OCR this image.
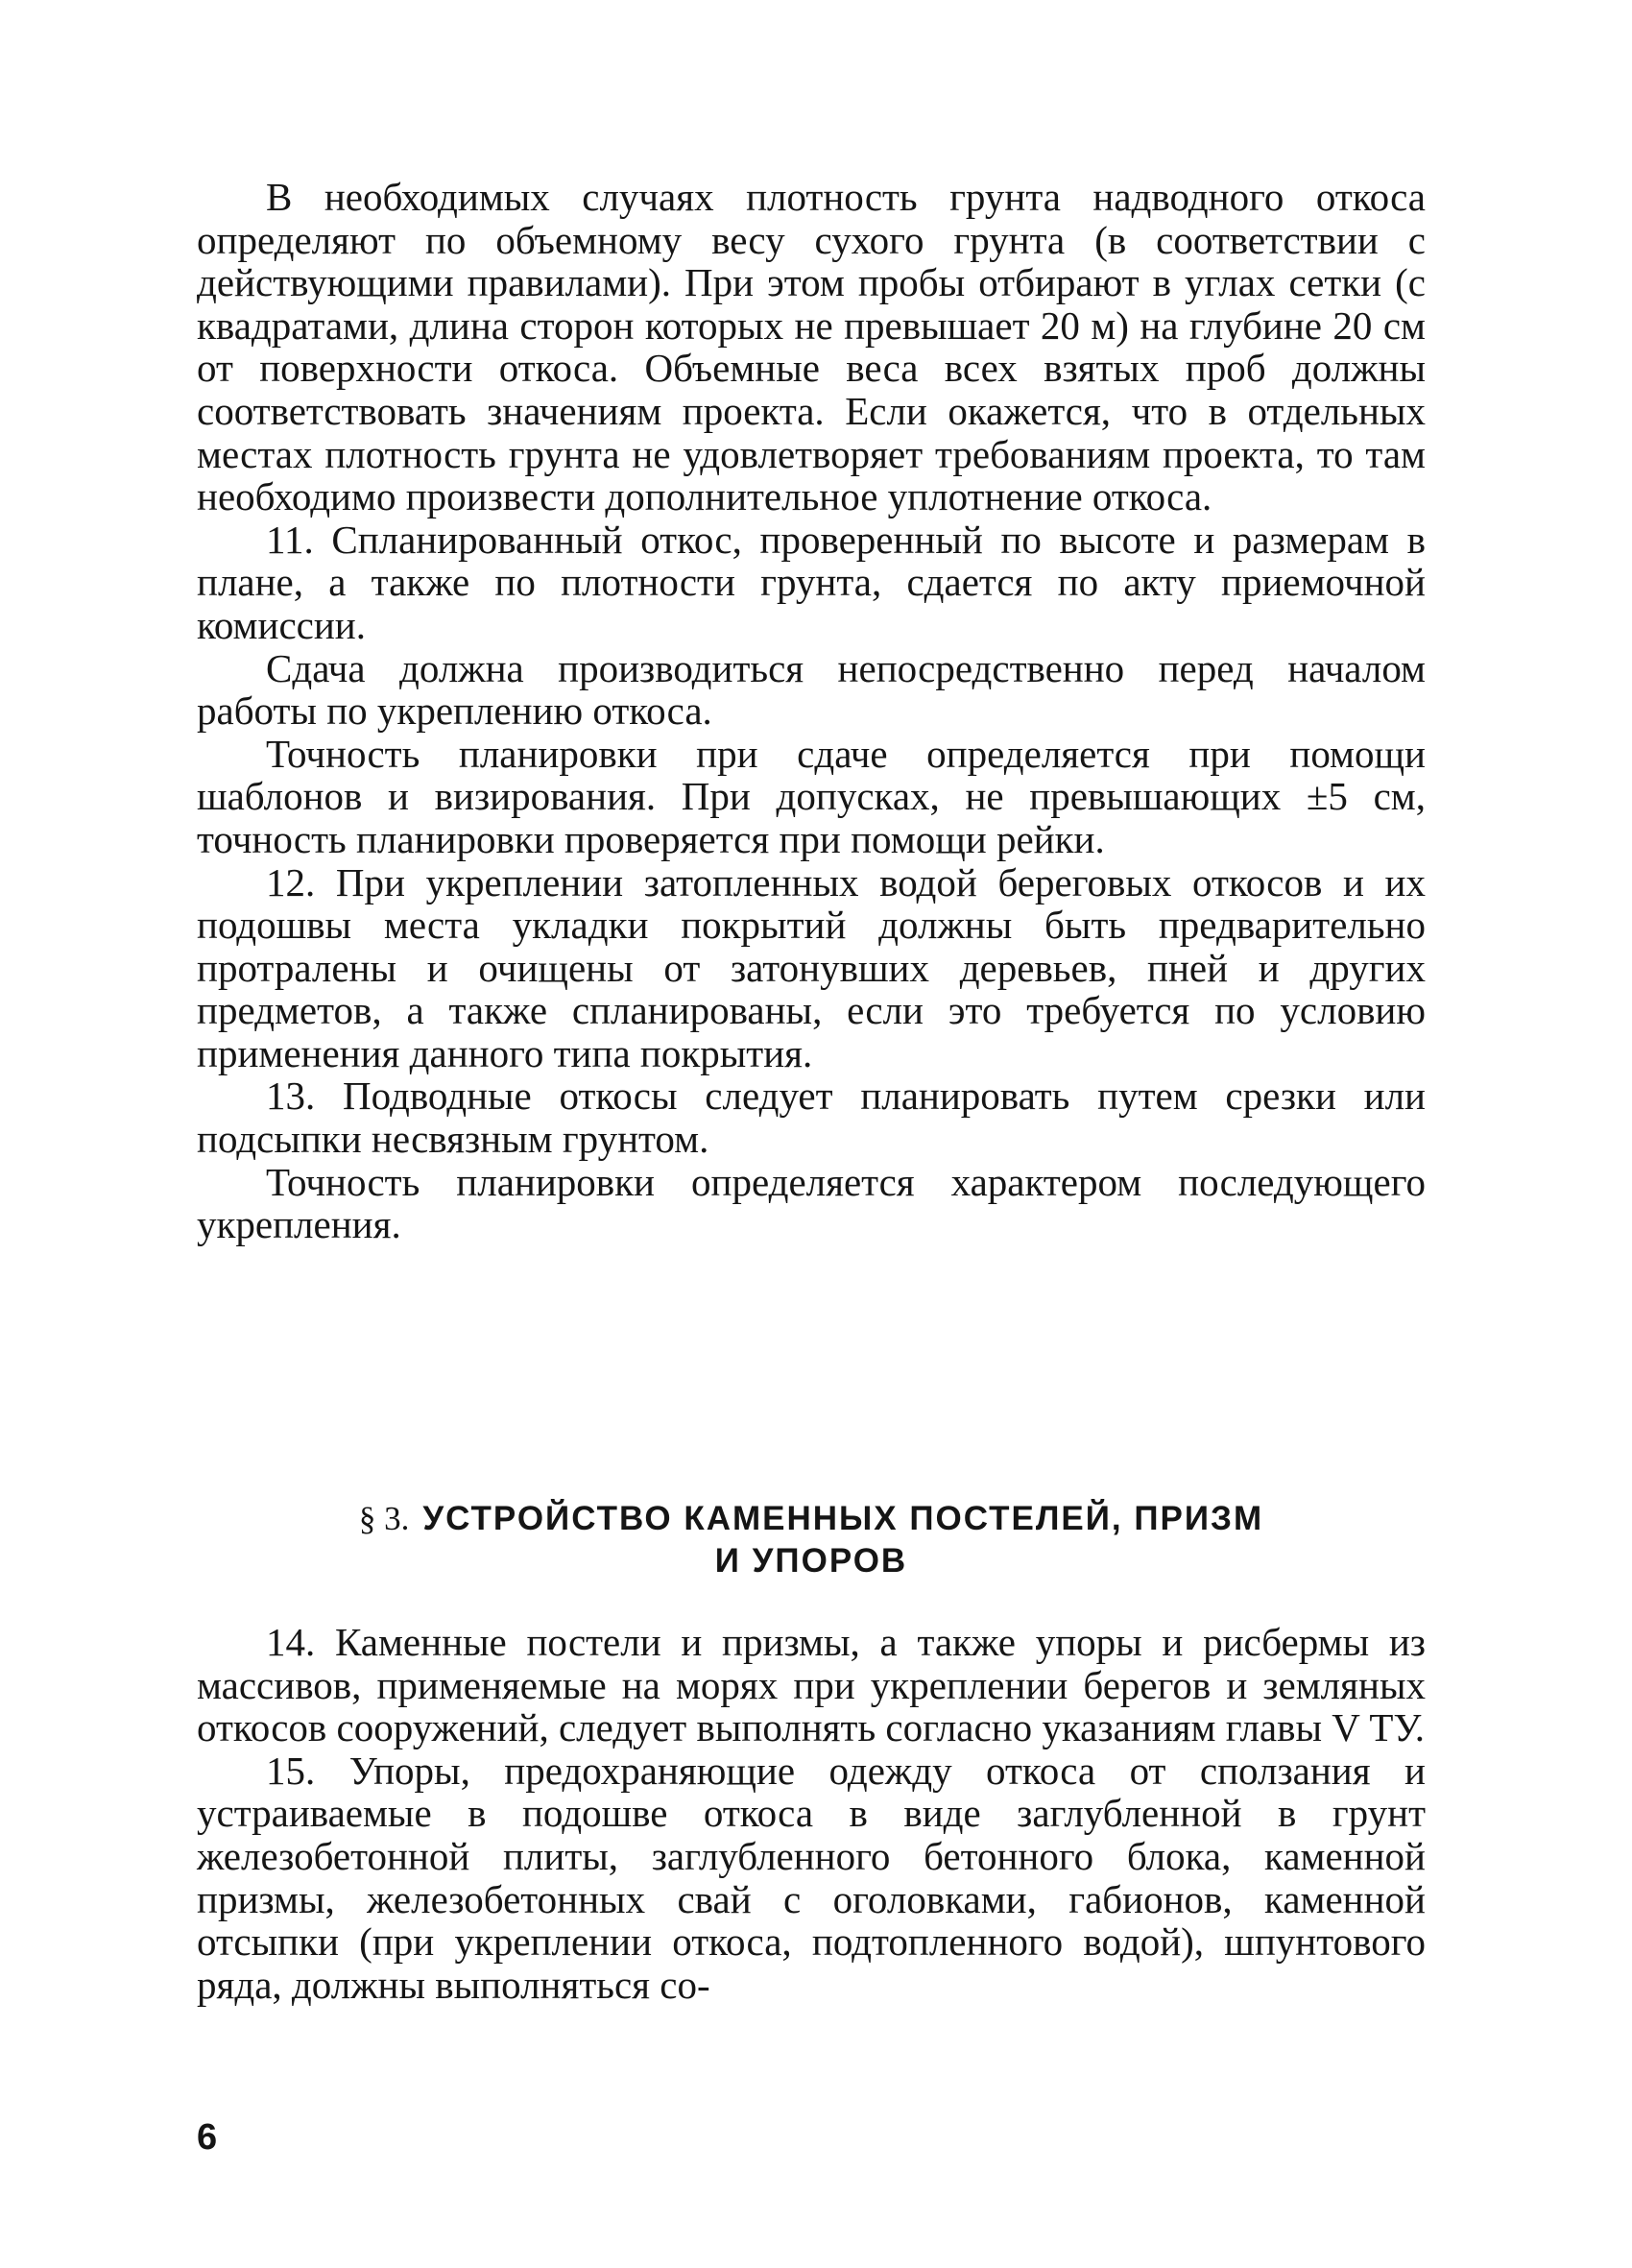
В необходимых случаях плотность грунта надводного откоса определяют по объемному весу сухого грунта (в соответствии с действующими правилами). При этом пробы отбирают в углах сетки (с квадратами, длина сторон которых не превышает 20 м) на глубине 20 см от поверхности откоса. Объемные веса всех взятых проб должны соответствовать значениям проекта. Если окажется, что в отдельных местах плотность грунта не удовлетворяет требованиям проекта, то там необходимо произвести дополнительное уплотнение откоса.

11. Спланированный откос, проверенный по высоте и размерам в плане, а также по плотности грунта, сдается по акту приемочной комиссии.

Сдача должна производиться непосредственно перед началом работы по укреплению откоса.

Точность планировки при сдаче определяется при помощи шаблонов и визирования. При допусках, не превышающих ±5 см, точность планировки проверяется при помощи рейки.

12. При укреплении затопленных водой береговых откосов и их подошвы места укладки покрытий должны быть предварительно протралены и очищены от затонувших деревьев, пней и других предметов, а также спланированы, если это требуется по условию применения данного типа покрытия.

13. Подводные откосы следует планировать путем срезки или подсыпки несвязным грунтом.

Точность планировки определяется характером последующего укрепления.

§ 3. УСТРОЙСТВО КАМЕННЫХ ПОСТЕЛЕЙ, ПРИЗМ
И УПОРОВ

14. Каменные постели и призмы, а также упоры и рисбермы из массивов, применяемые на морях при укреплении берегов и земляных откосов сооружений, следует выполнять согласно указаниям главы V ТУ.

15. Упоры, предохраняющие одежду откоса от сползания и устраиваемые в подошве откоса в виде заглубленной в грунт железобетонной плиты, заглубленного бетонного блока, каменной призмы, железобетонных свай с оголовками, габионов, каменной отсыпки (при укреплении откоса, подтопленного водой), шпунтового ряда, должны выполняться со-

6
